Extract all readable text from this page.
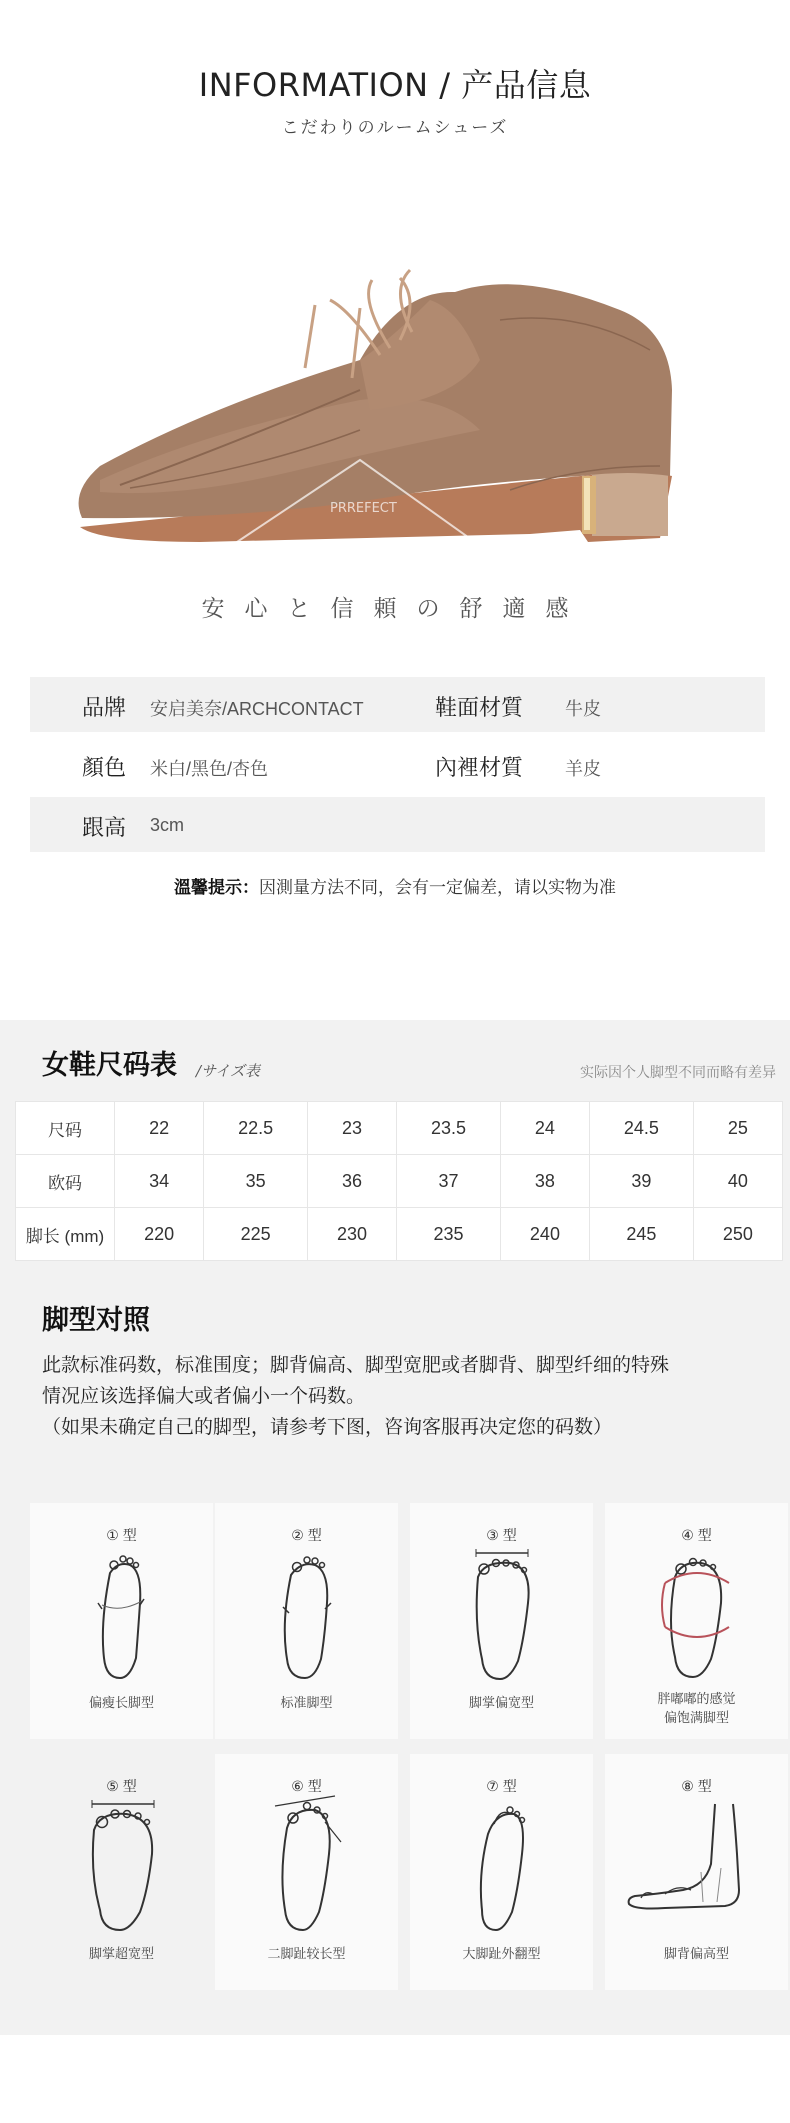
INFORMATION / 产品信息
こだわりのルームシューズ
PRREFECT
安心と信頼の舒適感
品牌 安启美奈/ARCHCONTACT	鞋面材質 牛皮
顏色 米白/黑色/杏色	內裡材質 羊皮
跟高 3cm
溫馨提示：因測量方法不同，会有一定偏差，请以实物为准
女鞋尺码表 /サイズ表	实际因个人脚型不同而略有差异
尺码	22	22.5	23	23.5	24	24.5	25
欧码	34	35	36	37	38	39	40
脚长 (mm)	220	225	230	235	240	245	250
脚型对照
此款标准码数，标准围度；脚背偏高、脚型宽肥或者脚背、脚型纤细的特殊
情况应该选择偏大或者偏小一个码数。
（如果未确定自己的脚型，请参考下图，咨询客服再决定您的码数）
① 型
偏瘦长脚型
② 型
标准脚型
③ 型
脚掌偏宽型
④ 型
胖嘟嘟的感觉
偏饱满脚型
⑤ 型
脚掌超宽型
⑥ 型
二脚趾较长型
⑦ 型
大脚趾外翻型
⑧ 型
脚背偏高型
